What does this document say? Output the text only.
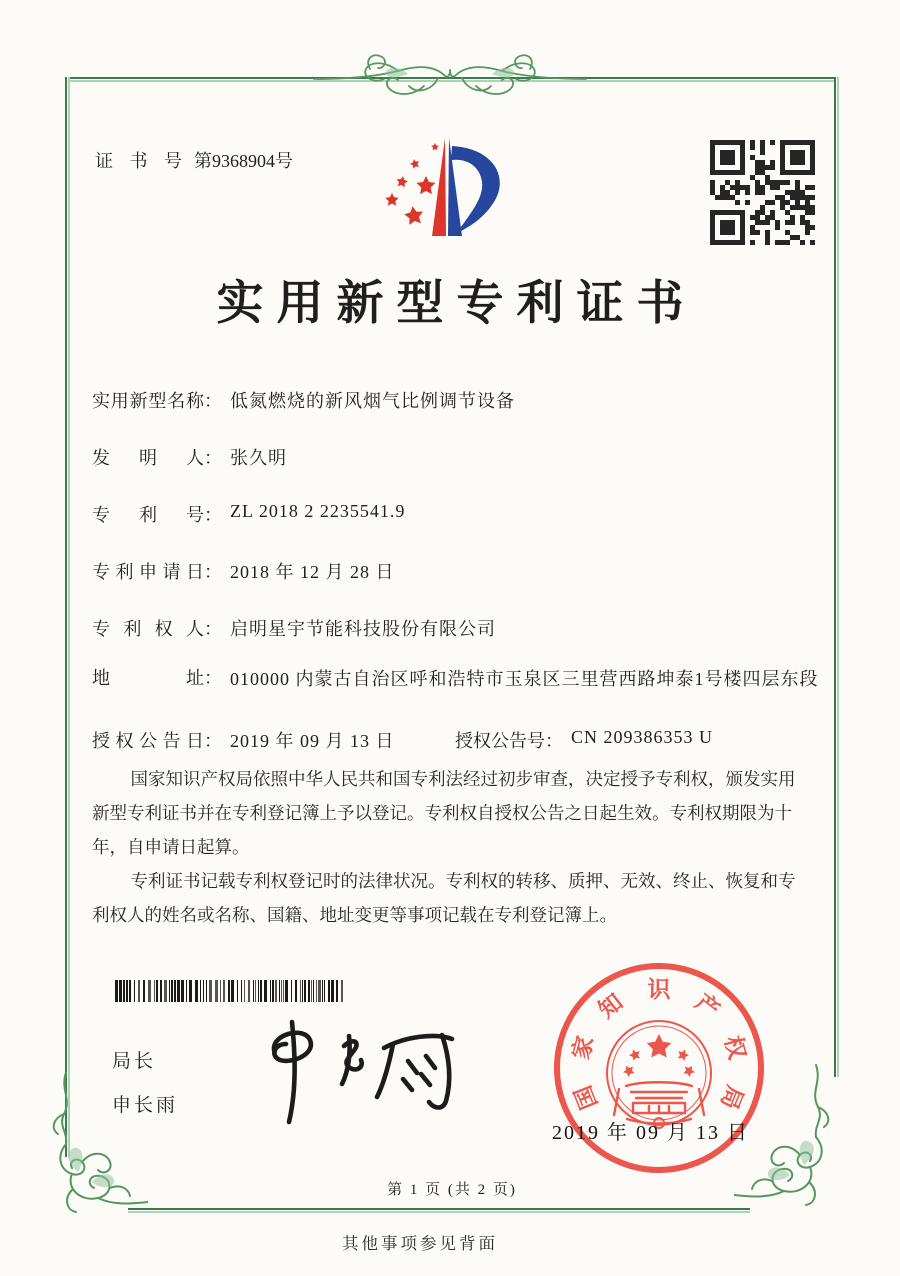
证 书 号 第9368904号
实用新型专利证书
实用新型名称： 低氮燃烧的新风烟气比例调节设备
发明人： 张久明
专利号： ZL 2018 2 2235541.9
专利申请日： 2018 年 12 月 28 日
专利权人： 启明星宇节能科技股份有限公司
地址： 010000 内蒙古自治区呼和浩特市玉泉区三里营西路坤泰1号楼四层东段
授权公告日： 2019 年 09 月 13 日	授权公告号： CN 209386353 U

国家知识产权局依照中华人民共和国专利法经过初步审查，决定授予专利权，颁发实用新型专利证书并在专利登记簿上予以登记。专利权自授权公告之日起生效。专利权期限为十年，自申请日起算。

专利证书记载专利权登记时的法律状况。专利权的转移、质押、无效、终止、恢复和专利权人的姓名或名称、国籍、地址变更等事项记载在专利登记簿上。

局长
申长雨	国
家
知 识 产
权
局
2019 年 09 月 13 日
第 1 页 (共 2 页)
其他事项参见背面
